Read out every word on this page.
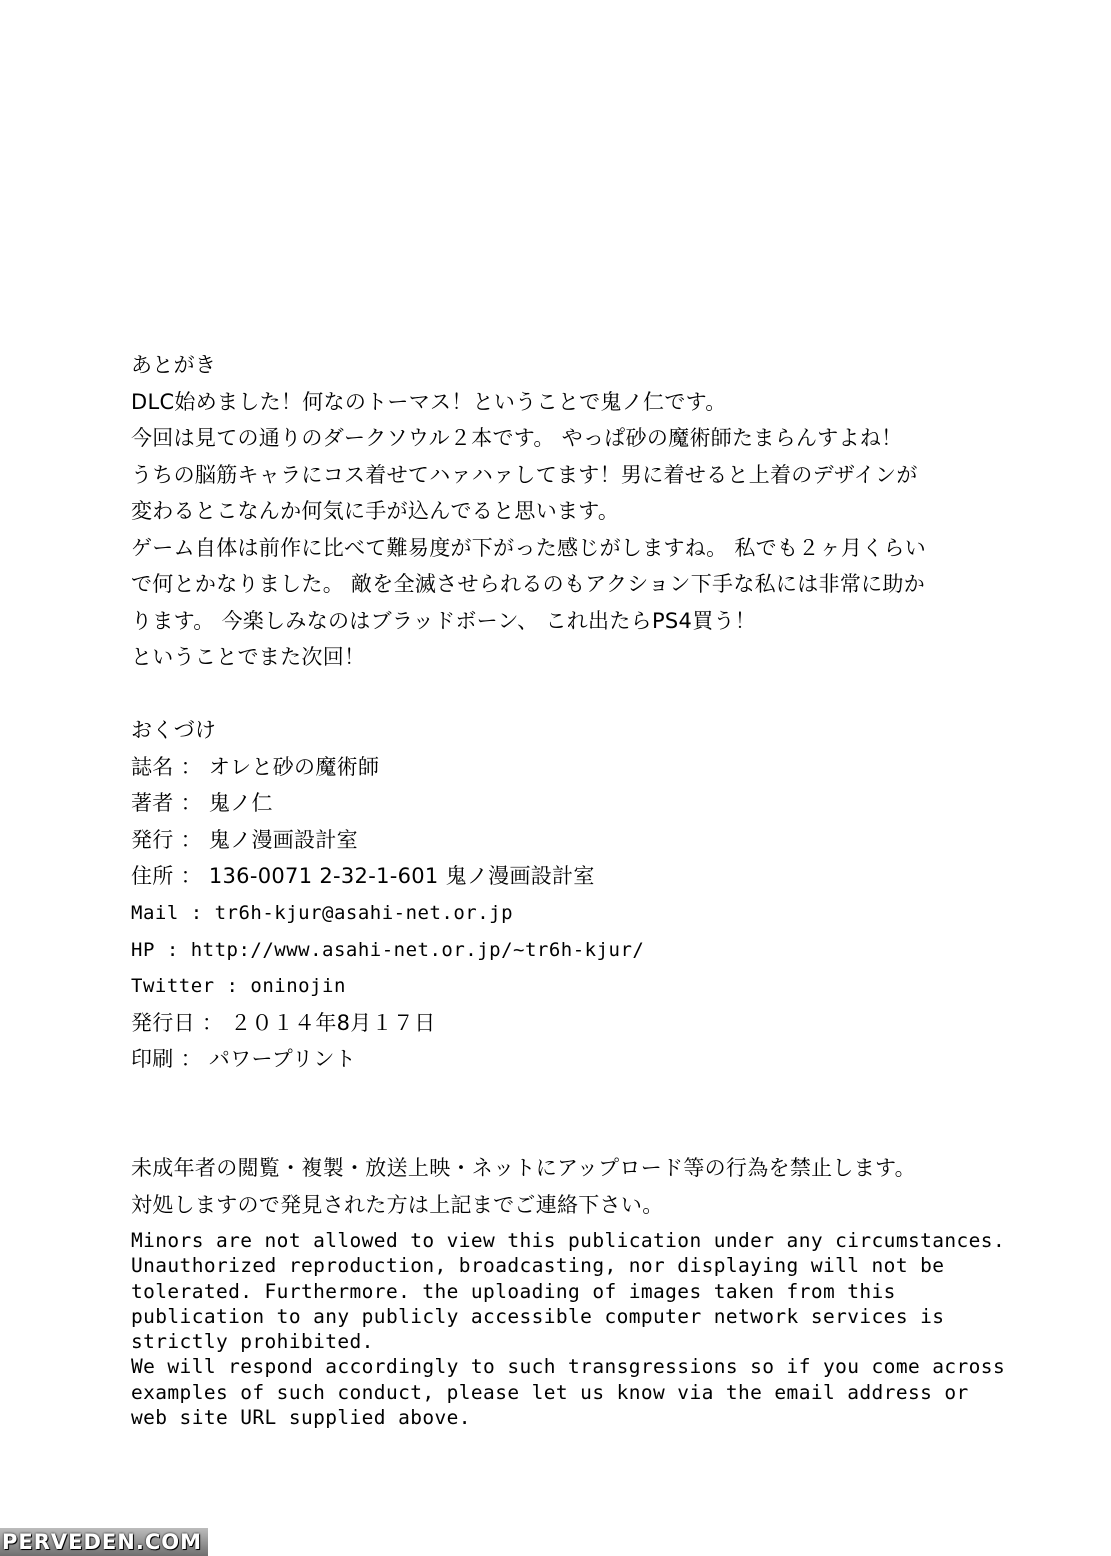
あとがき
DLC始めました！何なのトーマス！ということで鬼ノ仁です。
今回は見ての通りのダークソウル２本です。 やっぱ砂の魔術師たまらんすよね！
うちの脳筋キャラにコス着せてハァハァしてます！男に着せると上着のデザインが
変わるとこなんか何気に手が込んでると思います。
ゲーム自体は前作に比べて難易度が下がった感じがしますね。 私でも２ヶ月くらい
で何とかなりました。 敵を全滅させられるのもアクション下手な私には非常に助か
ります。 今楽しみなのはブラッドボーン、 これ出たらPS4買う！
ということでまた次回！
おくづけ
誌名 ： オレと砂の魔術師
著者 ： 鬼ノ仁
発行 ： 鬼ノ漫画設計室
住所 ： 136-0071 2-32-1-601 鬼ノ漫画設計室
Mail : tr6h-kjur@asahi-net.or.jp
HP : http://www.asahi-net.or.jp/~tr6h-kjur/
Twitter : oninojin
発行日 ： ２０１４年8月１７日
印刷 ： パワープリント
未成年者の閲覧・複製・放送上映・ネットにアップロード等の行為を禁止します。
対処しますので発見された方は上記までご連絡下さい。
Minors are not allowed to view this publication under any circumstances.
Unauthorized reproduction, broadcasting, nor displaying will not be
tolerated. Furthermore. the uploading of images taken from this
publication to any publicly accessible computer network services is
strictly prohibited.
We will respond accordingly to such transgressions so if you come across
examples of such conduct, please let us know via the email address or
web site URL supplied above.
PERVEDEN.COM
